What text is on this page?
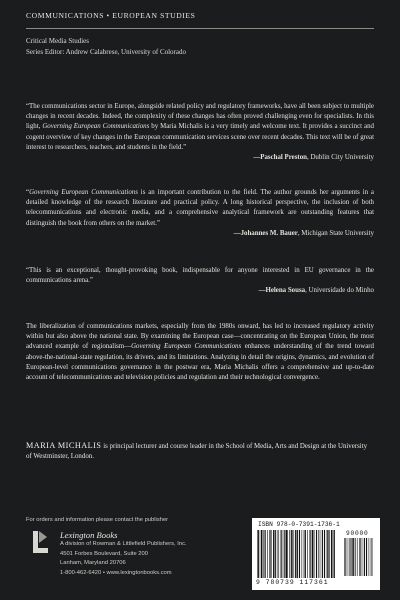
COMMUNICATIONS • EUROPEAN STUDIES
Critical Media Studies
Series Editor: Andrew Calabrese, University of Colorado
“The communications sector in Europe, alongside related policy and regulatory frameworks, have all been subject to multiple changes in recent decades. Indeed, the complexity of these changes has often proved challenging even for specialists. In this light, Governing European Communications by Maria Michalis is a very timely and welcome text. It provides a succinct and cogent overview of key changes in the European communication services scene over recent decades. This text will be of great interest to researchers, teachers, and students in the field.”
—Paschal Preston, Dublin City University
“Governing European Communications is an important contribution to the field. The author grounds her arguments in a detailed knowledge of the research literature and practical policy. A long historical perspective, the inclusion of both telecommunications and electronic media, and a comprehensive analytical framework are outstanding features that distinguish the book from others on the market.”
—Johannes M. Bauer, Michigan State University
“This is an exceptional, thought-provoking book, indispensable for anyone interested in EU governance in the communications arena.”
—Helena Sousa, Universidade do Minho
The liberalization of communications markets, especially from the 1980s onward, has led to increased regulatory activity within but also above the national state. By examining the European case—concentrating on the European Union, the most advanced example of regionalism—Governing European Communications enhances understanding of the trend toward above-the-national-state regulation, its drivers, and its limitations. Analyzing in detail the origins, dynamics, and evolution of European-level communications governance in the postwar era, Maria Michalis offers a comprehensive and up-to-date account of telecommunications and television policies and regulation and their technological convergence.
MARIA MICHALIS is principal lecturer and course leader in the School of Media, Arts and Design at the University of Westminster, London.
For orders and information please contact the publisher
Lexington Books
A division of Rowman & Littlefield Publishers, Inc.
4501 Forbes Boulevard, Suite 200
Lanham, Maryland 20706
1-800-462-6420 • www.lexingtonbooks.com
ISBN 978-0-7391-1736-1
90000
9 780739 117361
